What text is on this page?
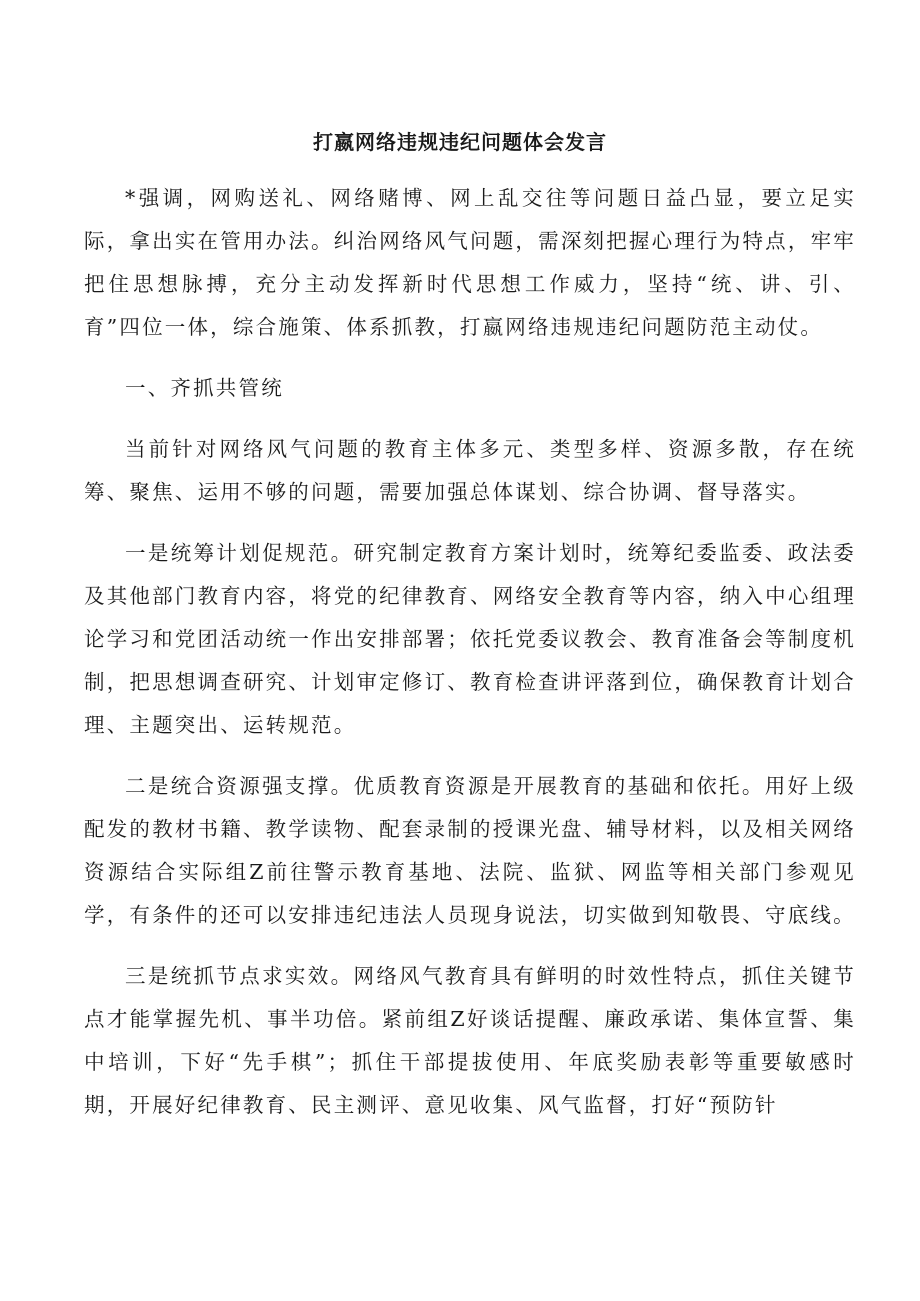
打嬴网络违规违纪问题体会发言

*强调，网购送礼、网络赌博、网上乱交往等问题日益凸显，要立足实际，拿出实在管用办法。纠治网络风气问题，需深刻把握心理行为特点，牢牢把住思想脉搏，充分主动发挥新时代思想工作威力，坚持“统、讲、引、育”四位一体，综合施策、体系抓教，打嬴网络违规违纪问题防范主动仗。

一、齐抓共管统

当前针对网络风气问题的教育主体多元、类型多样、资源多散，存在统筹、聚焦、运用不够的问题，需要加强总体谋划、综合协调、督导落实。

一是统筹计划促规范。研究制定教育方案计划时，统筹纪委监委、政法委及其他部门教育内容，将党的纪律教育、网络安全教育等内容，纳入中心组理论学习和党团活动统一作出安排部署；依托党委议教会、教育准备会等制度机制，把思想调查研究、计划审定修订、教育检查讲评落到位，确保教育计划合理、主题突出、运转规范。

二是统合资源强支撑。优质教育资源是开展教育的基础和依托。用好上级配发的教材书籍、教学读物、配套录制的授课光盘、辅导材料，以及相关网络资源结合实际组Z前往警示教育基地、法院、监狱、网监等相关部门参观见学，有条件的还可以安排违纪违法人员现身说法，切实做到知敬畏、守底线。

三是统抓节点求实效。网络风气教育具有鲜明的时效性特点，抓住关键节点才能掌握先机、事半功倍。紧前组Z好谈话提醒、廉政承诺、集体宣誓、集中培训，下好“先手棋”；抓住干部提拔使用、年底奖励表彰等重要敏感时期，开展好纪律教育、民主测评、意见收集、风气监督，打好“预防针
